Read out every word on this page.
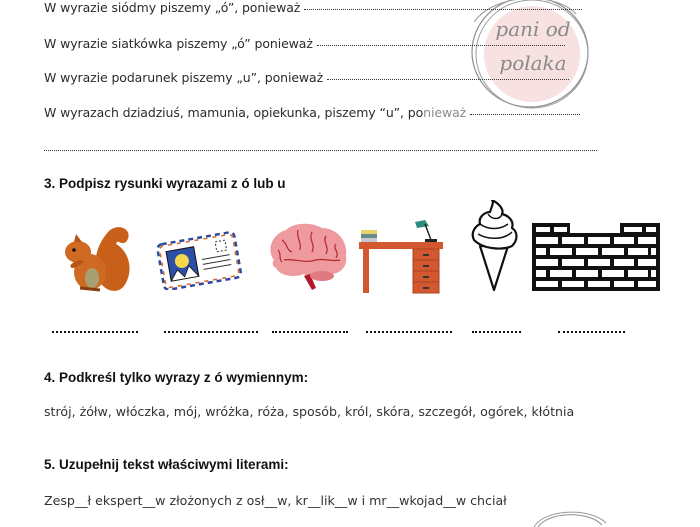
pani od
polaka
W wyrazie siódmy piszemy „ó”, ponieważ
W wyrazie siatkówka piszemy „ó” ponieważ
W wyrazie podarunek piszemy „u”, ponieważ
W wyrazach dziadziuś, mamunia, opiekunka, piszemy “u”, po nieważ
3. Podpisz rysunki wyrazami z ó lub u
4. Podkreśl tylko wyrazy z ó wymiennym:
strój, żółw, włóczka, mój, wróżka, róża, sposób, król, skóra, szczegół, ogórek, kłótnia
5. Uzupełnij tekst właściwymi literami:
Zesp__ł ekspert__w złożonych z osł__w, kr__lik__w i mr__wkojad__w chciał
